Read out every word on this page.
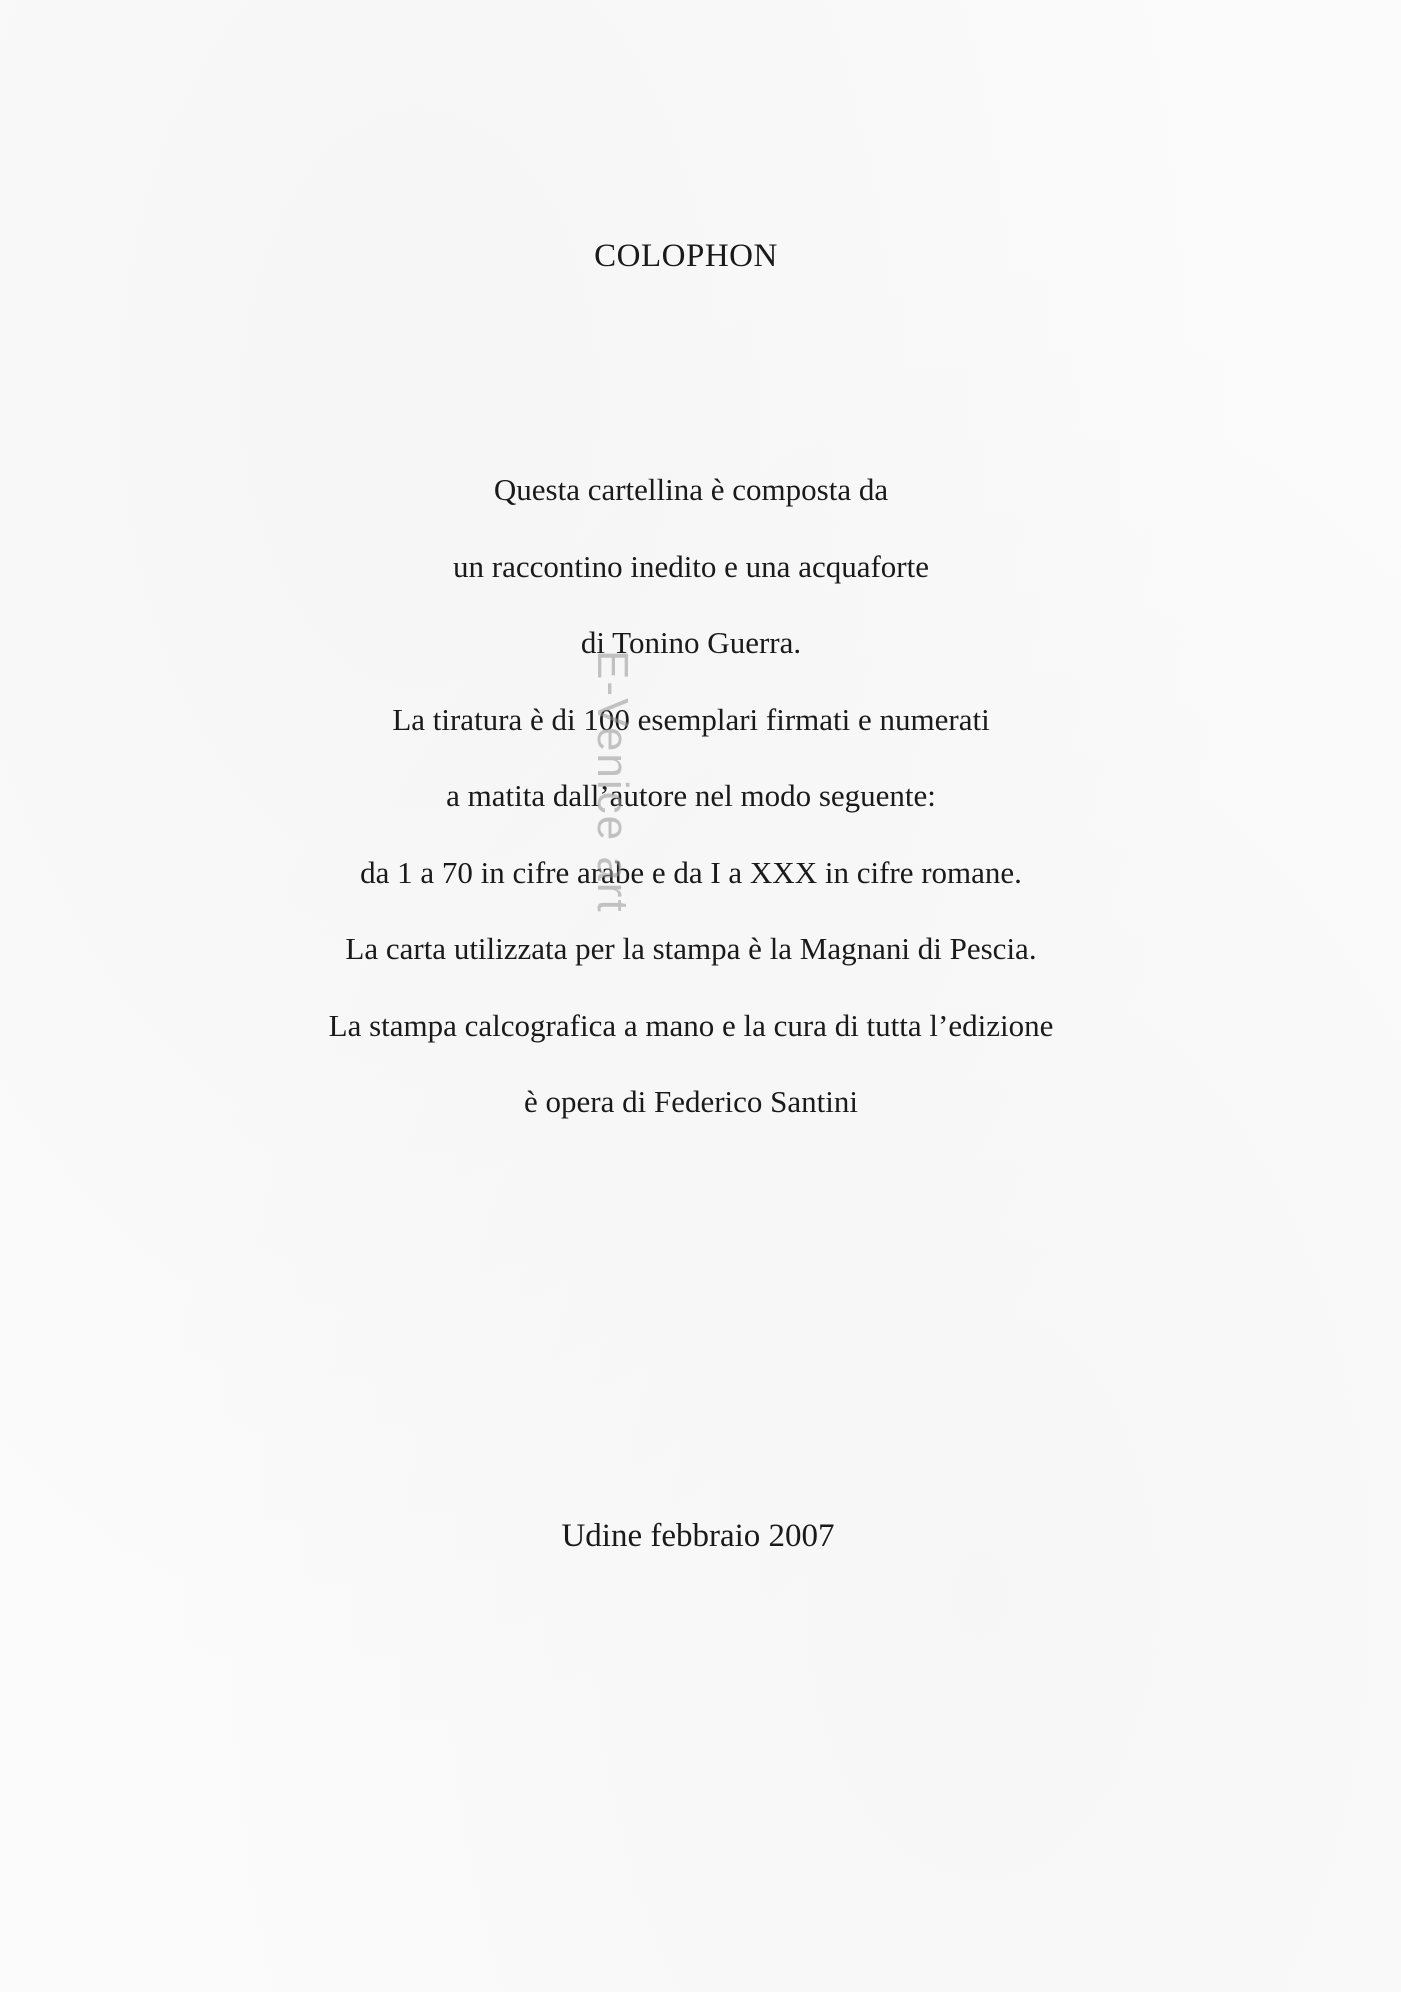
COLOPHON
Questa cartellina è composta da
un raccontino inedito e una acquaforte
di Tonino Guerra.
La tiratura è di 100 esemplari firmati e numerati
a matita dall’autore nel modo seguente:
da 1 a 70 in cifre arabe e da I a XXX in cifre romane.
La carta utilizzata per la stampa è la Magnani di Pescia.
La stampa calcografica a mano e la cura di tutta l’edizione
è opera di Federico Santini
Udine febbraio 2007
E-Venice art
